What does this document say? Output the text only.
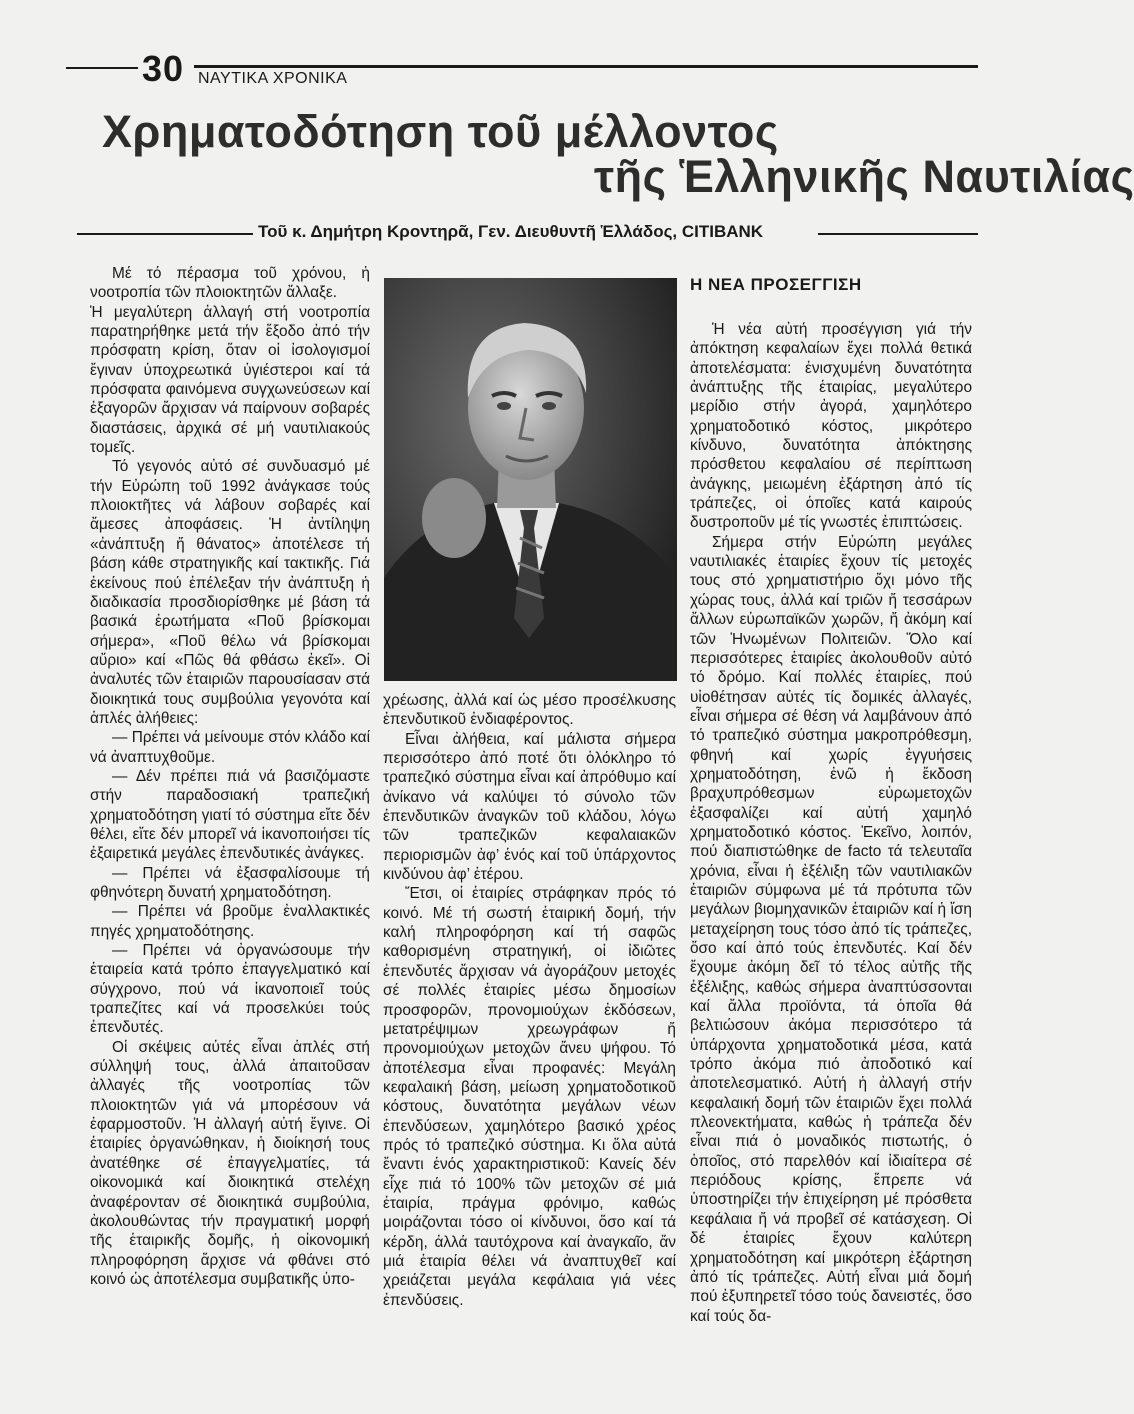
30 ΝΑΥΤΙΚΑ ΧΡΟΝΙΚΑ
Χρηματοδότηση τοῦ μέλλοντος
τῆς Ἑλληνικῆς Ναυτιλίας
Τοῦ κ. Δημήτρη Κροντηρᾶ, Γεν. Διευθυντῆ Ἑλλάδος, CITIBANK

Μέ τό πέρασμα τοῦ χρόνου, ἡ νοοτροπία τῶν πλοιοκτητῶν ἄλλαξε.

Ἡ μεγαλύτερη ἀλλαγή στή νοοτροπία παρατηρήθηκε μετά τήν ἔξοδο ἀπό τήν πρόσφατη κρίση, ὅταν οἱ ἰσολογισμοί ἔγιναν ὑποχρεωτικά ὑγιέστεροι καί τά πρόσφατα φαινόμενα συγχωνεύσεων καί ἐξαγορῶν ἄρχισαν νά παίρνουν σοβαρές διαστάσεις, ἀρχικά σέ μή ναυτιλιακούς τομεῖς.

Τό γεγονός αὐτό σέ συνδυασμό μέ τήν Εὐρώπη τοῦ 1992 ἀνάγκασε τούς πλοιοκτῆτες νά λάβουν σοβαρές καί ἄμεσες ἀποφάσεις. Ἡ ἀντίληψη «ἀνάπτυξη ἤ θάνατος» ἀποτέλεσε τή βάση κάθε στρατηγικῆς καί τακτικῆς. Γιά ἐκείνους πού ἐπέλεξαν τήν ἀνάπτυξη ἡ διαδικασία προσδιορίσθηκε μέ βάση τά βασικά ἐρωτήματα «Ποῦ βρίσκομαι σήμερα», «Ποῦ θέλω νά βρίσκομαι αὔριο» καί «Πῶς θά φθάσω ἐκεῖ». Οἱ ἀναλυτές τῶν ἑταιριῶν παρουσίασαν στά διοικητικά τους συμβούλια γεγονότα καί ἁπλές ἀλήθειες:

— Πρέπει νά μείνουμε στόν κλάδο καί νά ἀναπτυχθοῦμε.

— Δέν πρέπει πιά νά βασιζόμαστε στήν παραδοσιακή τραπεζική χρηματοδότηση γιατί τό σύστημα εἴτε δέν θέλει, εἴτε δέν μπορεῖ νά ἱκανοποιήσει τίς ἐξαιρετικά μεγάλες ἐπενδυτικές ἀνάγκες.

— Πρέπει νά ἐξασφαλίσουμε τή φθηνότερη δυνατή χρηματοδότηση.

— Πρέπει νά βροῦμε ἐναλλακτικές πηγές χρηματοδότησης.

— Πρέπει νά ὀργανώσουμε τήν ἑταιρεία κατά τρόπο ἐπαγγελματικό καί σύγχρονο, πού νά ἱκανοποιεῖ τούς τραπεζίτες καί νά προσελκύει τούς ἐπενδυτές.

Οἱ σκέψεις αὐτές εἶναι ἁπλές στή σύλληψή τους, ἀλλά ἀπαιτοῦσαν ἀλλαγές τῆς νοοτροπίας τῶν πλοιοκτητῶν γιά νά μπορέσουν νά ἐφαρμοστοῦν. Ἡ ἀλλαγή αὐτή ἔγινε. Οἱ ἑταιρίες ὀργανώθηκαν, ἡ διοίκησή τους ἀνατέθηκε σέ ἐπαγγελματίες, τά οἰκονομικά καί διοικητικά στελέχη ἀναφέρονταν σέ διοικητικά συμβούλια, ἀκολουθώντας τήν πραγματική μορφή τῆς ἑταιρικῆς δομῆς, ἡ οἰκονομική πληροφόρηση ἄρχισε νά φθάνει στό κοινό ὡς ἀποτέλεσμα συμβατικῆς ὑπο-

χρέωσης, ἀλλά καί ὡς μέσο προσέλκυσης ἐπενδυτικοῦ ἐνδιαφέροντος.

Εἶναι ἀλήθεια, καί μάλιστα σήμερα περισσότερο ἀπό ποτέ ὅτι ὁλόκληρο τό τραπεζικό σύστημα εἶναι καί ἀπρόθυμο καί ἀνίκανο νά καλύψει τό σύνολο τῶν ἐπενδυτικῶν ἀναγκῶν τοῦ κλάδου, λόγω τῶν τραπεζικῶν κεφαλαιακῶν περιορισμῶν ἀφ’ ἑνός καί τοῦ ὑπάρχοντος κινδύνου ἀφ’ ἑτέρου.

Ἔτσι, οἱ ἑταιρίες στράφηκαν πρός τό κοινό. Μέ τή σωστή ἑταιρική δομή, τήν καλή πληροφόρηση καί τή σαφῶς καθορισμένη στρατηγική, οἱ ἰδιῶτες ἐπενδυτές ἄρχισαν νά ἀγοράζουν μετοχές σέ πολλές ἑταιρίες μέσω δημοσίων προσφορῶν, προνομιούχων ἐκδόσεων, μετατρέψιμων χρεωγράφων ἤ προνομιούχων μετοχῶν ἄνευ ψήφου. Τό ἀποτέλεσμα εἶναι προφανές: Μεγάλη κεφαλαική βάση, μείωση χρηματοδοτικοῦ κόστους, δυνατότητα μεγάλων νέων ἐπενδύσεων, χαμηλότερο βασικό χρέος πρός τό τραπεζικό σύστημα. Κι ὅλα αὐτά ἔναντι ἑνός χαρακτηριστικοῦ: Κανείς δέν εἶχε πιά τό 100% τῶν μετοχῶν σέ μιά ἑταιρία, πράγμα φρόνιμο, καθώς μοιράζονται τόσο οἱ κίνδυνοι, ὅσο καί τά κέρδη, ἀλλά ταυτόχρονα καί ἀναγκαῖο, ἄν μιά ἑταιρία θέλει νά ἀναπτυχθεῖ καί χρειάζεται μεγάλα κεφάλαια γιά νέες ἐπενδύσεις.

Η ΝΕΑ ΠΡΟΣΕΓΓΙΣΗ

Ἡ νέα αὐτή προσέγγιση γιά τήν ἀπόκτηση κεφαλαίων ἔχει πολλά θετικά ἀποτελέσματα: ἐνισχυμένη δυνατότητα ἀνάπτυξης τῆς ἑταιρίας, μεγαλύτερο μερίδιο στήν ἀγορά, χαμηλότερο χρηματοδοτικό κόστος, μικρότερο κίνδυνο, δυνατότητα ἀπόκτησης πρόσθετου κεφαλαίου σέ περίπτωση ἀνάγκης, μειωμένη ἐξάρτηση ἀπό τίς τράπεζες, οἱ ὁποῖες κατά καιρούς δυστροποῦν μέ τίς γνωστές ἐπιπτώσεις.

Σήμερα στήν Εὐρώπη μεγάλες ναυτιλιακές ἑταιρίες ἔχουν τίς μετοχές τους στό χρηματιστήριο ὄχι μόνο τῆς χώρας τους, ἀλλά καί τριῶν ἤ τεσσάρων ἄλλων εὐρωπαϊκῶν χωρῶν, ἤ ἀκόμη καί τῶν Ἡνωμένων Πολιτειῶν. Ὅλο καί περισσότερες ἑταιρίες ἀκολουθοῦν αὐτό τό δρόμο. Καί πολλές ἑταιρίες, πού υἱοθέτησαν αὐτές τίς δομικές ἀλλαγές, εἶναι σήμερα σέ θέση νά λαμβάνουν ἀπό τό τραπεζικό σύστημα μακροπρόθεσμη, φθηνή καί χωρίς ἐγγυήσεις χρηματοδότηση, ἐνῶ ἡ ἔκδοση βραχυπρόθεσμων εὐρωμετοχῶν ἐξασφαλίζει καί αὐτή χαμηλό χρηματοδοτικό κόστος. Ἐκεῖνο, λοιπόν, πού διαπιστώθηκε de facto τά τελευταῖα χρόνια, εἶναι ἡ ἐξέλιξη τῶν ναυτιλιακῶν ἑταιριῶν σύμφωνα μέ τά πρότυπα τῶν μεγάλων βιομηχανικῶν ἑταιριῶν καί ἡ ἴση μεταχείρηση τους τόσο ἀπό τίς τράπεζες, ὅσο καί ἀπό τούς ἐπενδυτές. Καί δέν ἔχουμε ἀκόμη δεῖ τό τέλος αὐτῆς τῆς ἐξέλιξης, καθώς σήμερα ἀναπτύσσονται καί ἄλλα προϊόντα, τά ὁποῖα θά βελτιώσουν ἀκόμα περισσότερο τά ὑπάρχοντα χρηματοδοτικά μέσα, κατά τρόπο ἀκόμα πιό ἀποδοτικό καί ἀποτελεσματικό. Αὐτή ἡ ἀλλαγή στήν κεφαλαική δομή τῶν ἑταιριῶν ἔχει πολλά πλεονεκτήματα, καθώς ἡ τράπεζα δέν εἶναι πιά ὁ μοναδικός πιστωτής, ὁ ὁποῖος, στό παρελθόν καί ἰδιαίτερα σέ περιόδους κρίσης, ἔπρεπε νά ὑποστηρίζει τήν ἐπιχείρηση μέ πρόσθετα κεφάλαια ἤ νά προβεῖ σέ κατάσχεση. Οἱ δέ ἑταιρίες ἔχουν καλύτερη χρηματοδότηση καί μικρότερη ἐξάρτηση ἀπό τίς τράπεζες. Αὐτή εἶναι μιά δομή πού ἐξυπηρετεῖ τόσο τούς δανειστές, ὅσο καί τούς δα-
